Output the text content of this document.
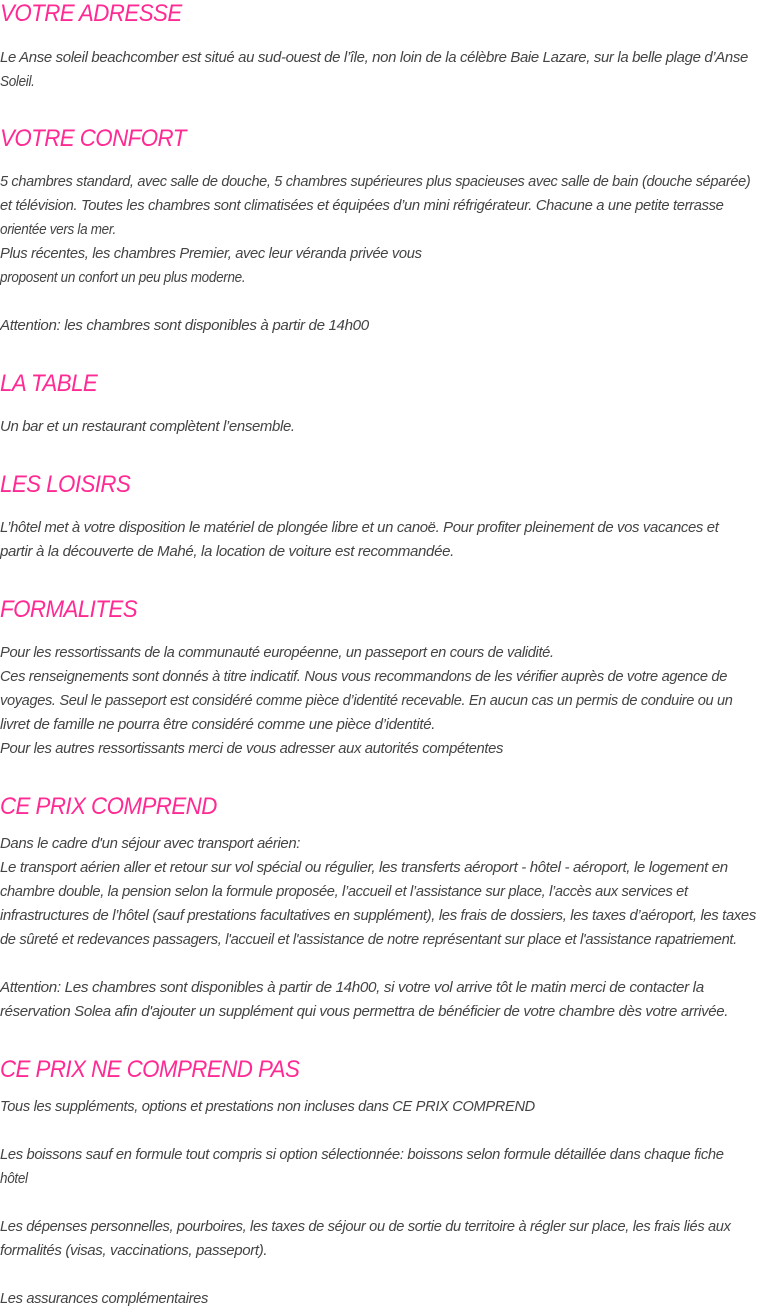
VOTRE ADRESSE

Le Anse soleil beachcomber est situé au sud-ouest de l’île, non loin de la célèbre Baie Lazare, sur la belle plage d’Anse

Soleil.

VOTRE CONFORT

5 chambres standard, avec salle de douche, 5 chambres supérieures plus spacieuses avec salle de bain (douche séparée)

et télévision. Toutes les chambres sont climatisées et équipées d’un mini réfrigérateur. Chacune a une petite terrasse

orientée vers la mer.

Plus récentes, les chambres Premier, avec leur véranda privée vous

proposent un confort un peu plus moderne.

Attention: les chambres sont disponibles à partir de 14h00

LA TABLE

Un bar et un restaurant complètent l’ensemble.

LES LOISIRS

L’hôtel met à votre disposition le matériel de plongée libre et un canoë. Pour profiter pleinement de vos vacances et

partir à la découverte de Mahé, la location de voiture est recommandée.

FORMALITES

Pour les ressortissants de la communauté européenne, un passeport en cours de validité.

Ces renseignements sont donnés à titre indicatif. Nous vous recommandons de les vérifier auprès de votre agence de

voyages. Seul le passeport est considéré comme pièce d’identité recevable. En aucun cas un permis de conduire ou un

livret de famille ne pourra être considéré comme une pièce d’identité.

Pour les autres ressortissants merci de vous adresser aux autorités compétentes

CE PRIX COMPREND

Dans le cadre d'un séjour avec transport aérien:

Le transport aérien aller et retour sur vol spécial ou régulier, les transferts aéroport - hôtel - aéroport, le logement en

chambre double, la pension selon la formule proposée, l’accueil et l’assistance sur place, l’accès aux services et

infrastructures de l’hôtel (sauf prestations facultatives en supplément), les frais de dossiers, les taxes d’aéroport, les taxes

de sûreté et redevances passagers, l'accueil et l'assistance de notre représentant sur place et l'assistance rapatriement.

Attention: Les chambres sont disponibles à partir de 14h00, si votre vol arrive tôt le matin merci de contacter la

réservation Solea afin d'ajouter un supplément qui vous permettra de bénéficier de votre chambre dès votre arrivée.

CE PRIX NE COMPREND PAS

Tous les suppléments, options et prestations non incluses dans CE PRIX COMPREND

Les boissons sauf en formule tout compris si option sélectionnée: boissons selon formule détaillée dans chaque fiche

hôtel

Les dépenses personnelles, pourboires, les taxes de séjour ou de sortie du territoire à régler sur place, les frais liés aux

formalités (visas, vaccinations, passeport).

Les assurances complémentaires
